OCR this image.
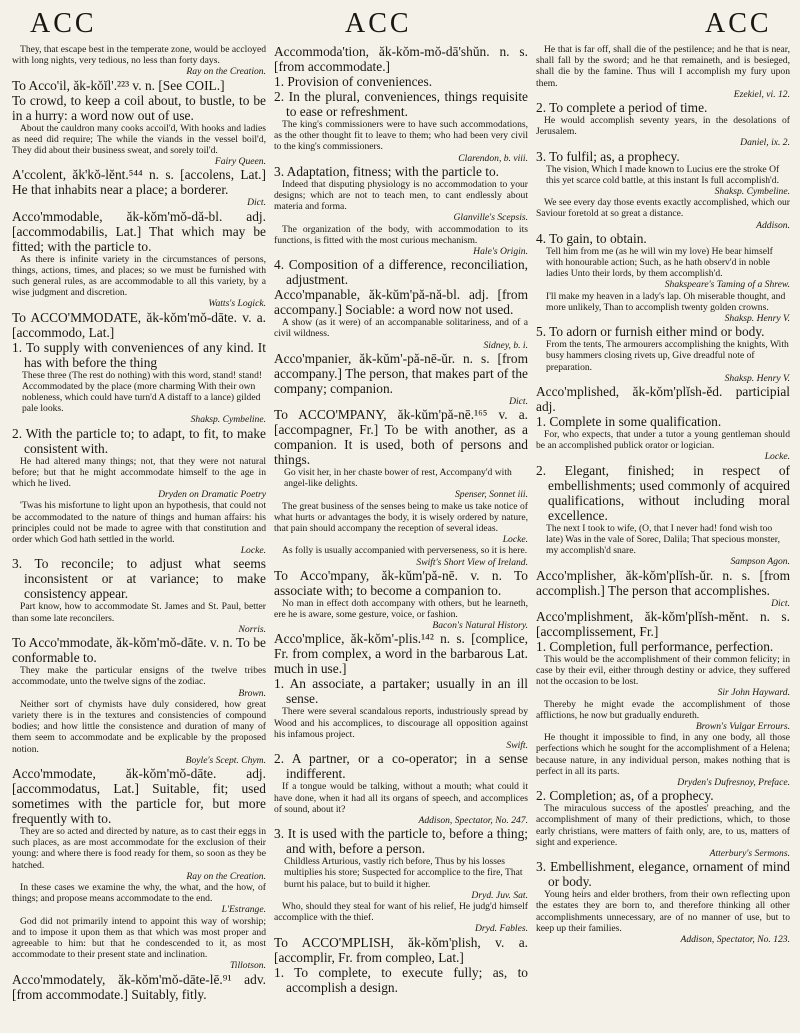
ACC	ACC	ACC
They, that escape best in the temperate zone, would be accloyed with long nights, very tedious, no less than forty days.
Ray on the Creation.
To Acco'il, ăk-kŏĭl'.²²³ v. n. [See COIL.]
To crowd, to keep a coil about, to bustle, to be in a hurry: a word now out of use.
About the cauldron many cooks accoil'd, With hooks and ladies as need did require; The while the viands in the vessel boil'd, They did about their business sweat, and sorely toil'd.
Fairy Queen.
A'ccolent, ăk'kŏ-lĕnt.⁵⁴⁴ n. s. [accolens, Lat.] He that inhabits near a place; a borderer.
Dict.
Acco'mmodable, ăk-kŏm'mŏ-dă-bl. adj. [accommodabilis, Lat.] That which may be fitted; with the particle to.
As there is infinite variety in the circumstances of persons, things, actions, times, and places; so we must be furnished with such general rules, as are accommodable to all this variety, by a wise judgment and discretion.
Watts's Logick.
To ACCO'MMODATE, ăk-kŏm'mŏ-dāte. v. a. [accommodo, Lat.]
1. To supply with conveniences of any kind. It has with before the thing
These three (The rest do nothing) with this word, stand! stand! Accommodated by the place (more charming With their own nobleness, which could have turn'd A distaff to a lance) gilded pale looks.
Shaksp. Cymbeline.
2. With the particle to; to adapt, to fit, to make consistent with.
He had altered many things; not, that they were not natural before; but that he might accommodate himself to the age in which he lived.
Dryden on Dramatic Poetry
'Twas his misfortune to light upon an hypothesis, that could not be accommodated to the nature of things and human affairs: his principles could not be made to agree with that constitution and order which God hath settled in the world.
Locke.
3. To reconcile; to adjust what seems inconsistent or at variance; to make consistency appear.
Part know, how to accommodate St. James and St. Paul, better than some late reconcilers.
Norris.
To Acco'mmodate, ăk-kŏm'mŏ-dāte. v. n. To be conformable to.
They make the particular ensigns of the twelve tribes accommodate, unto the twelve signs of the zodiac.
Brown.
Neither sort of chymists have duly considered, how great variety there is in the textures and consistencies of compound bodies; and how little the consistence and duration of many of them seem to accommodate and be explicable by the proposed notion.
Boyle's Scept. Chym.
Acco'mmodate, ăk-kŏm'mŏ-dāte. adj. [accommodatus, Lat.] Suitable, fit; used sometimes with the particle for, but more frequently with to.
They are so acted and directed by nature, as to cast their eggs in such places, as are most accommodate for the exclusion of their young: and where there is food ready for them, so soon as they be hatched.
Ray on the Creation.
In these cases we examine the why, the what, and the how, of things; and propose means accommodate to the end.
L'Estrange.
God did not primarily intend to appoint this way of worship; and to impose it upon them as that which was most proper and agreeable to him: but that he condescended to it, as most accommodate to their present state and inclination.
Tillotson.
Acco'mmodately, ăk-kŏm'mŏ-dāte-lē.⁹¹ adv. [from accommodate.] Suitably, fitly.
Accommoda'tion, ăk-kŏm-mŏ-dā'shŭn. n. s. [from accommodate.]
1. Provision of conveniences.
2. In the plural, conveniences, things requisite to ease or refreshment.
The king's commissioners were to have such accommodations, as the other thought fit to leave to them; who had been very civil to the king's commissioners.
Clarendon, b. viii.
3. Adaptation, fitness; with the particle to.
Indeed that disputing physiology is no accommodation to your designs; which are not to teach men, to cant endlessly about materia and forma.
Glanville's Scepsis.
The organization of the body, with accommodation to its functions, is fitted with the most curious mechanism.
Hale's Origin.
4. Composition of a difference, reconciliation, adjustment.
Acco'mpanable, ăk-kŭm'pă-nă-bl. adj. [from accompany.] Sociable: a word now not used.
A show (as it were) of an accompanable solitariness, and of a civil wildness.
Sidney, b. i.
Acco'mpanier, ăk-kŭm'-pă-nē-ŭr. n. s. [from accompany.] The person, that makes part of the company; companion.
Dict.
To ACCO'MPANY, ăk-kŭm'pă-nē.¹⁶⁵ v. a. [accompagner, Fr.] To be with another, as a companion. It is used, both of persons and things.
Go visit her, in her chaste bower of rest, Accompany'd with angel-like delights.
Spenser, Sonnet iii.
The great business of the senses being to make us take notice of what hurts or advantages the body, it is wisely ordered by nature, that pain should accompany the reception of several ideas.
Locke.
As folly is usually accompanied with perverseness, so it is here.
Swift's Short View of Ireland.
To Acco'mpany, ăk-kŭm'pă-nē. v. n. To associate with; to become a companion to.
No man in effect doth accompany with others, but he learneth, ere he is aware, some gesture, voice, or fashion.
Bacon's Natural History.
Acco'mplice, ăk-kŏm'-plis.¹⁴² n. s. [complice, Fr. from complex, a word in the barbarous Lat. much in use.]
1. An associate, a partaker; usually in an ill sense.
There were several scandalous reports, industriously spread by Wood and his accomplices, to discourage all opposition against his infamous project.
Swift.
2. A partner, or a co-operator; in a sense indifferent.
If a tongue would be talking, without a mouth; what could it have done, when it had all its organs of speech, and accomplices of sound, about it?
Addison, Spectator, No. 247.
3. It is used with the particle to, before a thing; and with, before a person.
Childless Arturious, vastly rich before, Thus by his losses multiplies his store; Suspected for accomplice to the fire, That burnt his palace, but to build it higher.
Dryd. Juv. Sat.
Who, should they steal for want of his relief, He judg'd himself accomplice with the thief.
Dryd. Fables.
To ACCO'MPLISH, ăk-kŏm'plish, v. a. [accomplir, Fr. from compleo, Lat.]
1. To complete, to execute fully; as, to accomplish a design.
He that is far off, shall die of the pestilence; and he that is near, shall fall by the sword; and he that remaineth, and is besieged, shall die by the famine. Thus will I accomplish my fury upon them.
Ezekiel, vi. 12.
2. To complete a period of time.
He would accomplish seventy years, in the desolations of Jerusalem.
Daniel, ix. 2.
3. To fulfil; as, a prophecy.
The vision, Which I made known to Lucius ere the stroke Of this yet scarce cold battle, at this instant Is full accomplish'd.
Shaksp. Cymbeline.
We see every day those events exactly accomplished, which our Saviour foretold at so great a distance.
Addison.
4. To gain, to obtain.
Tell him from me (as he will win my love) He bear himself with honourable action; Such, as he hath observ'd in noble ladies Unto their lords, by them accomplish'd.
Shakspeare's Taming of a Shrew.
I'll make my heaven in a lady's lap. Oh miserable thought, and more unlikely, Than to accomplish twenty golden crowns.
Shaksp. Henry V.
5. To adorn or furnish either mind or body.
From the tents, The armourers accomplishing the knights, With busy hammers closing rivets up, Give dreadful note of preparation.
Shaksp. Henry V.
Acco'mplished, ăk-kŏm'plĭsh-ĕd. participial adj.
1. Complete in some qualification.
For, who expects, that under a tutor a young gentleman should be an accomplished publick orator or logician.
Locke.
2. Elegant, finished; in respect of embellishments; used commonly of acquired qualifications, without including moral excellence.
The next I took to wife, (O, that I never had! fond wish too late) Was in the vale of Sorec, Dalila; That specious monster, my accomplish'd snare.
Sampson Agon.
Acco'mplisher, ăk-kŏm'plĭsh-ŭr. n. s. [from accomplish.] The person that accomplishes.
Dict.
Acco'mplishment, ăk-kŏm'plĭsh-mĕnt. n. s. [accomplissement, Fr.]
1. Completion, full performance, perfection.
This would be the accomplishment of their common felicity; in case by their evil, either through destiny or advice, they suffered not the occasion to be lost.
Sir John Hayward.
Thereby he might evade the accomplishment of those afflictions, he now but gradually endureth.
Brown's Vulgar Errours.
He thought it impossible to find, in any one body, all those perfections which he sought for the accomplishment of a Helena; because nature, in any individual person, makes nothing that is perfect in all its parts.
Dryden's Dufresnoy, Preface.
2. Completion; as, of a prophecy.
The miraculous success of the apostles' preaching, and the accomplishment of many of their predictions, which, to those early christians, were matters of faith only, are, to us, matters of sight and experience.
Atterbury's Sermons.
3. Embellishment, elegance, ornament of mind or body.
Young heirs and elder brothers, from their own reflecting upon the estates they are born to, and therefore thinking all other accomplishments unnecessary, are of no manner of use, but to keep up their families.
Addison, Spectator, No. 123.
